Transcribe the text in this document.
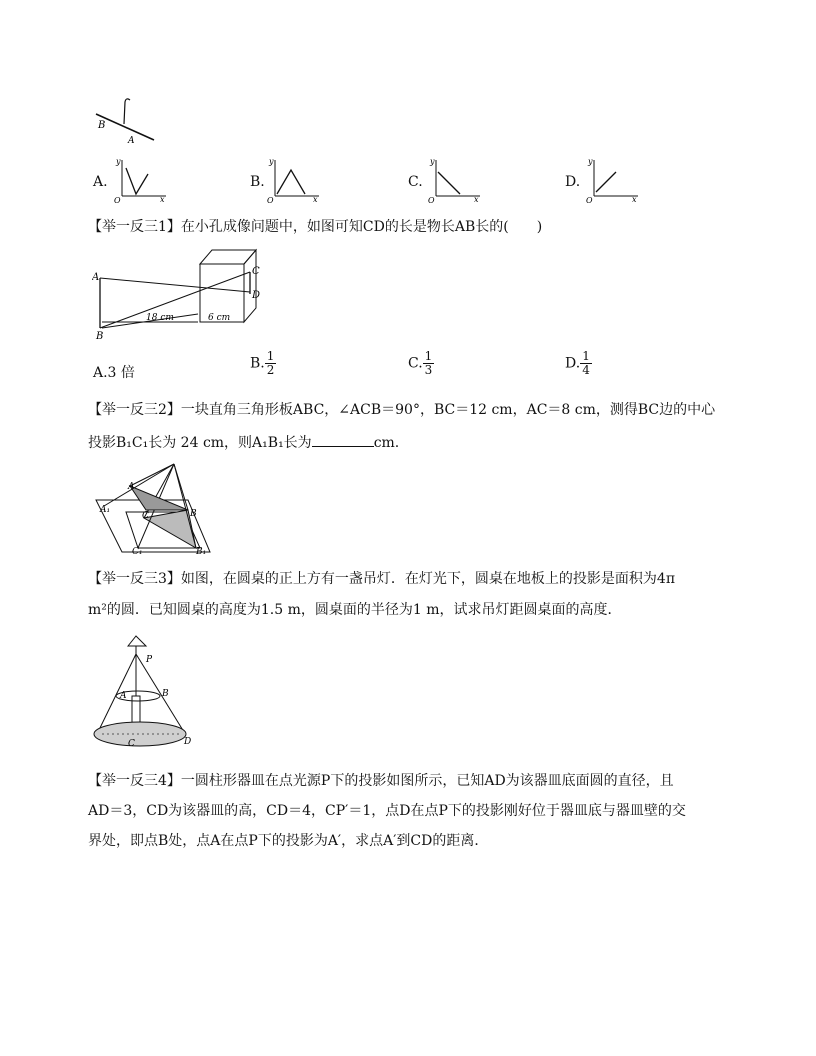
B
A
A.
y
x
O
B.
y
x
O
C.
y
x
O
D.
y
x
O
【举一反三1】在小孔成像问题中，如图可知CD的长是物长AB长的(　　)
A
B
C
D
18 cm	6 cm
A.3 倍
B. $\frac{1}{2}$	C. $\frac{1}{3}$	D. $\frac{1}{4}$
【举一反三2】一块直角三角形板ABC，∠ACB＝90°，BC＝12 cm，AC＝8 cm，测得BC边的中心
投影B₁C₁长为 24 cm，则A₁B₁长为	cm.
A
C	B
A₁
C₁	B₁
【举一反三3】如图，在圆桌的正上方有一盏吊灯．在灯光下，圆桌在地板上的投影是面积为4π
m²的圆．已知圆桌的高度为1.5 m，圆桌面的半径为1 m，试求吊灯距圆桌面的高度．
P
A	B
C	D
【举一反三4】一圆柱形器皿在点光源P下的投影如图所示，已知AD为该器皿底面圆的直径，且
AD＝3，CD为该器皿的高，CD＝4，CP′＝1，点D在点P下的投影刚好位于器皿底与器皿壁的交
界处，即点B处，点A在点P下的投影为A′，求点A′到CD的距离．
